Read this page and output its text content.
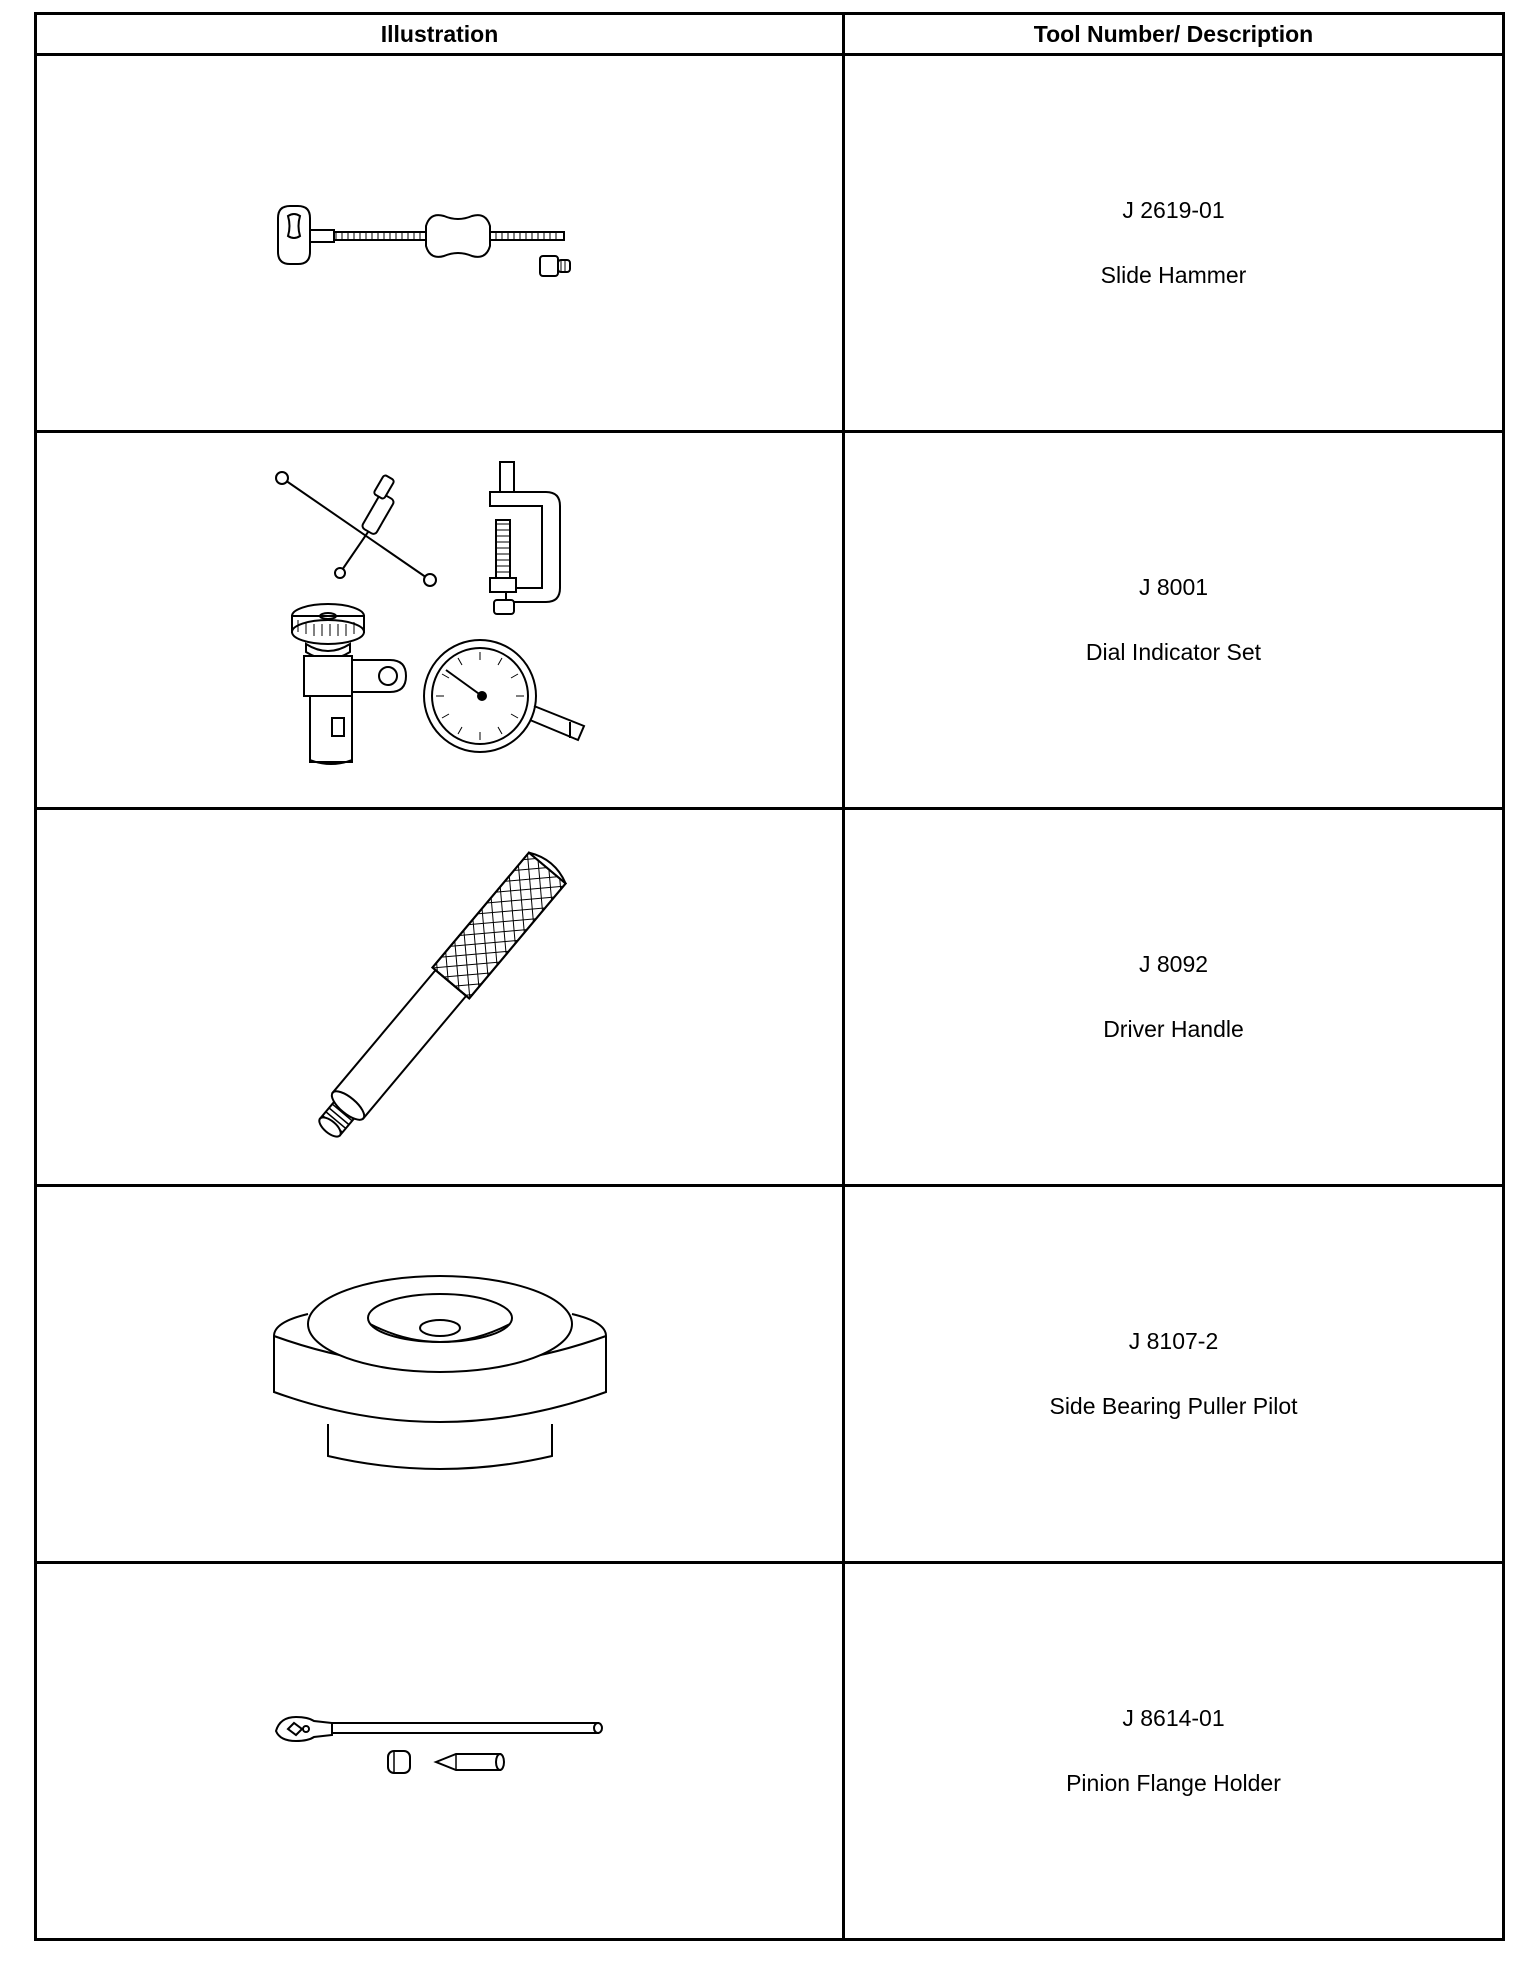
Illustration	Tool Number/ Description

J 2619-01
Slide Hammer

J 8001
Dial Indicator Set

J 8092
Driver Handle

J 8107-2
Side Bearing Puller Pilot

J 8614-01
Pinion Flange Holder
